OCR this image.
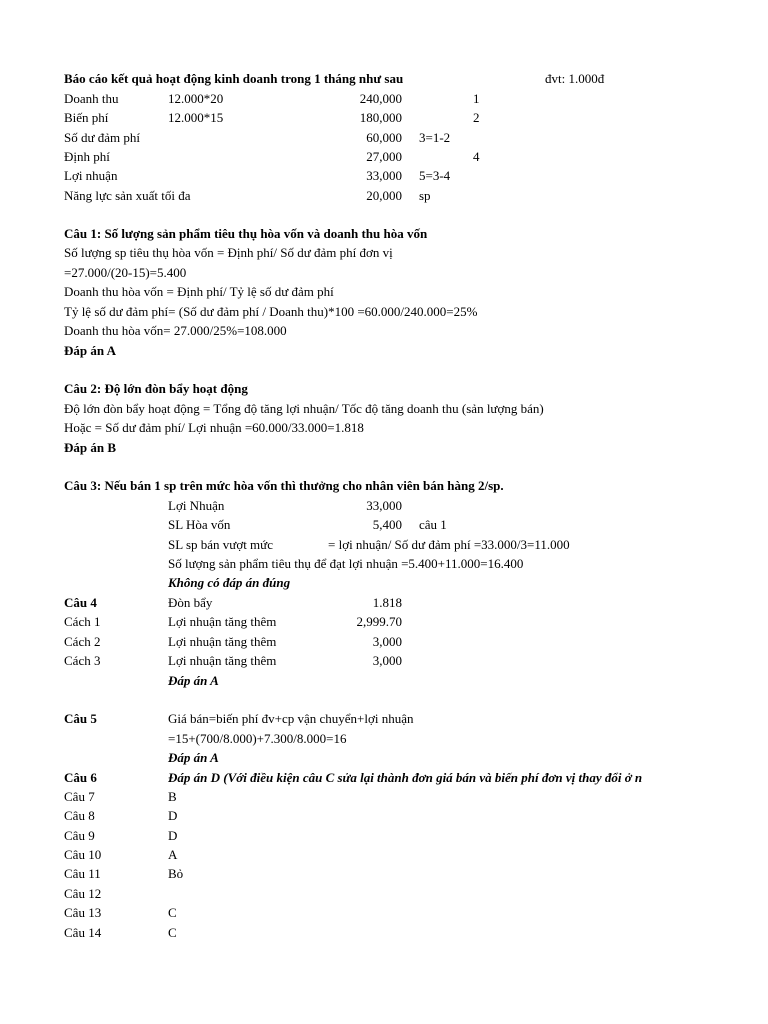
Báo cáo kết quả hoạt động kinh doanh trong 1 tháng như sau	đvt: 1.000đ
Doanh thu	12.000*20	240,000	1
Biến phí	12.000*15	180,000	2
Số dư đảm phí	60,000 3=1-2
Định phí	27,000	4
Lợi nhuận	33,000 5=3-4
Năng lực sản xuất tối đa	20,000 sp
Câu 1: Số lượng sản phẩm tiêu thụ hòa vốn và doanh thu hòa vốn
Số lượng sp tiêu thụ hòa vốn = Định phí/ Số dư đảm phí đơn vị
=27.000/(20-15)=5.400
Doanh thu hòa vốn = Định phí/ Tỷ lệ số dư đảm phí
Tỷ lệ số dư đảm phí= (Số dư đảm phí / Doanh thu)*100 =60.000/240.000=25%
Doanh thu hòa vốn= 27.000/25%=108.000
Đáp án A
Câu 2: Độ lớn đòn bẩy hoạt động
Độ lớn đòn bẩy hoạt động = Tổng độ tăng lợi nhuận/ Tốc độ tăng doanh thu (sản lượng bán)
Hoặc = Số dư đảm phí/ Lợi nhuận =60.000/33.000=1.818
Đáp án B
Câu 3: Nếu bán 1 sp trên mức hòa vốn thì thưởng cho nhân viên bán hàng 2/sp.
Lợi Nhuận	33,000
SL Hòa vốn	5,400 câu 1
SL sp bán vượt mức	= lợi nhuận/ Số dư đảm phí =33.000/3=11.000
Số lượng sản phẩm tiêu thụ để đạt lợi nhuận =5.400+11.000=16.400
Không có đáp án đúng
Câu 4	Đòn bẩy	1.818
Cách 1	Lợi nhuận tăng thêm	2,999.70
Cách 2	Lợi nhuận tăng thêm	3,000
Cách 3	Lợi nhuận tăng thêm	3,000
Đáp án A
Câu 5	Giá bán=biến phí đv+cp vận chuyển+lợi nhuận
=15+(700/8.000)+7.300/8.000=16
Đáp án A
Câu 6	Đáp án D (Với điều kiện câu C sửa lại thành đơn giá bán và biến phí đơn vị thay đổi ở n
Câu 7	B
Câu 8	D
Câu 9	D
Câu 10	A
Câu 11	Bỏ
Câu 12
Câu 13	C
Câu 14	C
